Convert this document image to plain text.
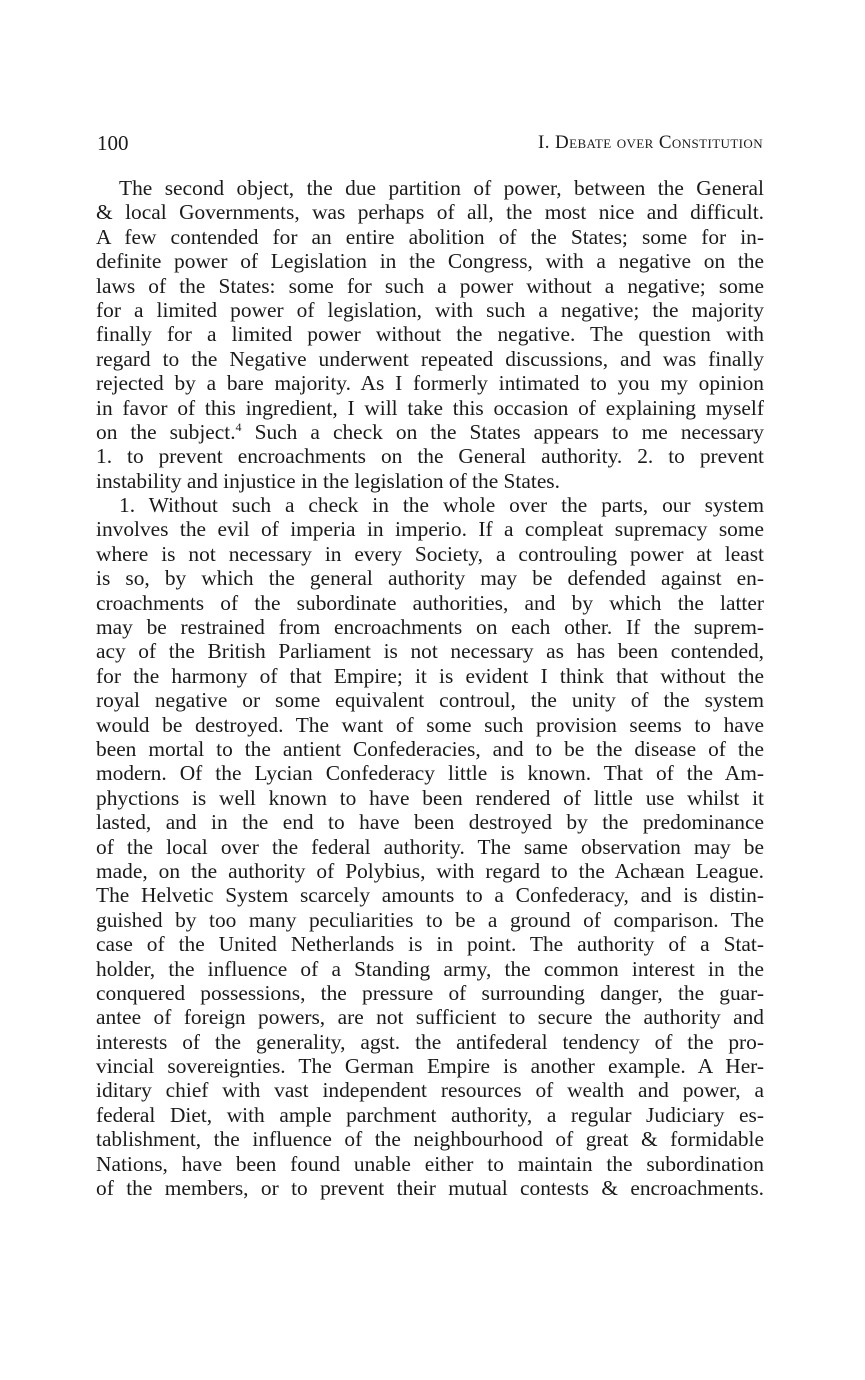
100	I. Debate over Constitution
The second object, the due partition of power, between the General
& local Governments, was perhaps of all, the most nice and difficult.
A few contended for an entire abolition of the States; some for in-
definite power of Legislation in the Congress, with a negative on the
laws of the States: some for such a power without a negative; some
for a limited power of legislation, with such a negative; the majority
finally for a limited power without the negative. The question with
regard to the Negative underwent repeated discussions, and was finally
rejected by a bare majority. As I formerly intimated to you my opinion
in favor of this ingredient, I will take this occasion of explaining myself
on the subject.$^4$ Such a check on the States appears to me necessary
1. to prevent encroachments on the General authority. 2. to prevent
instability and injustice in the legislation of the States.
1. Without such a check in the whole over the parts, our system
involves the evil of imperia in imperio. If a compleat supremacy some
where is not necessary in every Society, a controuling power at least
is so, by which the general authority may be defended against en-
croachments of the subordinate authorities, and by which the latter
may be restrained from encroachments on each other. If the suprem-
acy of the British Parliament is not necessary as has been contended,
for the harmony of that Empire; it is evident I think that without the
royal negative or some equivalent controul, the unity of the system
would be destroyed. The want of some such provision seems to have
been mortal to the antient Confederacies, and to be the disease of the
modern. Of the Lycian Confederacy little is known. That of the Am-
phyctions is well known to have been rendered of little use whilst it
lasted, and in the end to have been destroyed by the predominance
of the local over the federal authority. The same observation may be
made, on the authority of Polybius, with regard to the Achæan League.
The Helvetic System scarcely amounts to a Confederacy, and is distin-
guished by too many peculiarities to be a ground of comparison. The
case of the United Netherlands is in point. The authority of a Stat-
holder, the influence of a Standing army, the common interest in the
conquered possessions, the pressure of surrounding danger, the guar-
antee of foreign powers, are not sufficient to secure the authority and
interests of the generality, agst. the antifederal tendency of the pro-
vincial sovereignties. The German Empire is another example. A Her-
iditary chief with vast independent resources of wealth and power, a
federal Diet, with ample parchment authority, a regular Judiciary es-
tablishment, the influence of the neighbourhood of great & formidable
Nations, have been found unable either to maintain the subordination
of the members, or to prevent their mutual contests & encroachments.
